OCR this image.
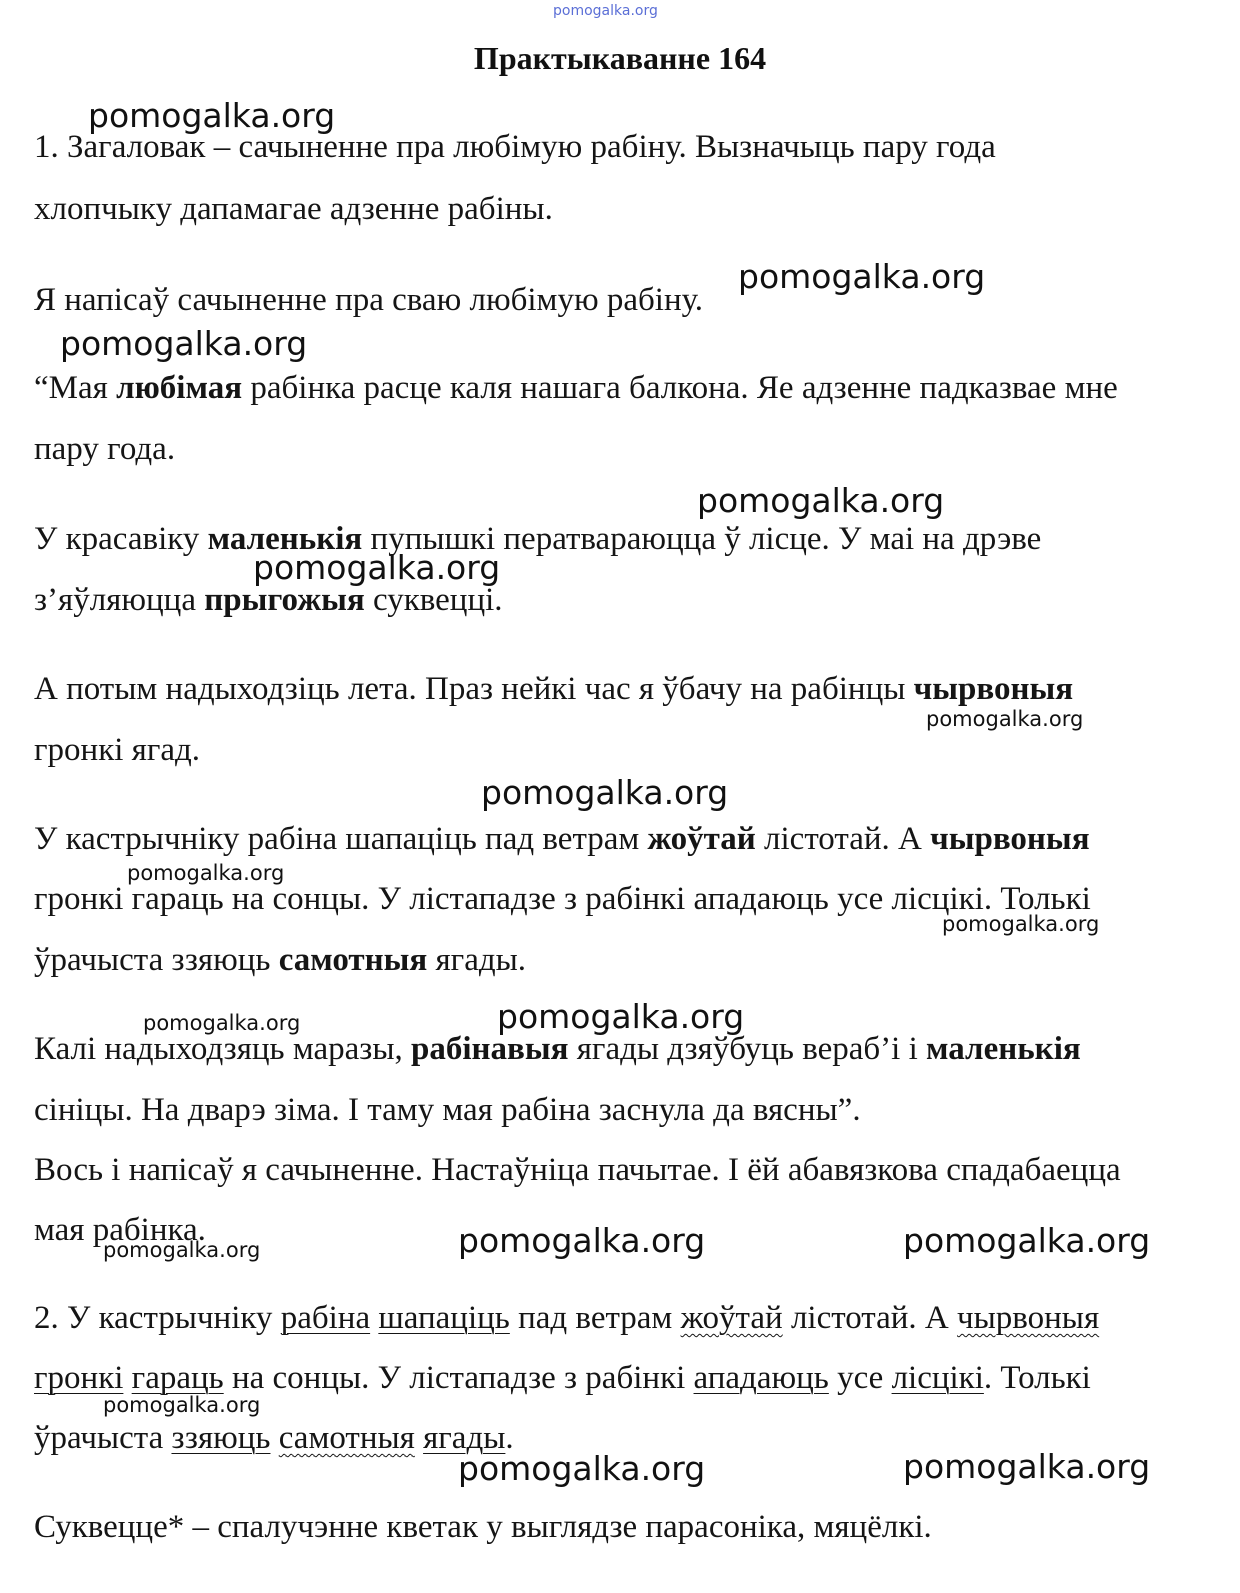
pomogalka.org

pomogalka.org

pomogalka.org

pomogalka.org

pomogalka.org

pomogalka.org

pomogalka.org

pomogalka.org

pomogalka.org

pomogalka.org

pomogalka.org

pomogalka.org

pomogalka.org	pomogalka.org	pomogalka.org

pomogalka.org

pomogalka.org	pomogalka.org

Практыкаванне 164

1. Загаловак – сачыненне пра любімую рабіну. Вызначыць пару года

хлопчыку дапамагае адзенне рабіны.

Я напісаў сачыненне пра сваю любімую рабіну.

“Мая любімая рабінка расце каля нашага балкона. Яе адзенне падказвае мне

пару года.

У красавіку маленькія пупышкі ператвараюцца ў лісце. У маі на дрэве

з’яўляюцца прыгожыя суквецці.

А потым надыходзіць лета. Праз нейкі час я ўбачу на рабінцы чырвоныя

гронкі ягад.

У кастрычніку рабіна шапаціць пад ветрам жоўтай лістотай. А чырвоныя

гронкі гараць на сонцы. У лістападзе з рабінкі ападаюць усе лісцікі. Толькі

ўрачыста ззяюць самотныя ягады.

Калі надыходзяць маразы, рабінавыя ягады дзяўбуць вераб’і і маленькія

сініцы. На дварэ зіма. І таму мая рабіна заснула да вясны”.

Вось і напісаў я сачыненне. Настаўніца пачытае. І ёй абавязкова спадабаецца

мая рабінка.

2. У кастрычніку рабіна шапаціць пад ветрам жоўтай лістотай. А чырвоныя

гронкі гараць на сонцы. У лістападзе з рабінкі ападаюць усе лісцікі. Толькі

ўрачыста ззяюць самотныя ягады.

Суквецце* – спалучэнне кветак у выглядзе парасоніка, мяцёлкі.
